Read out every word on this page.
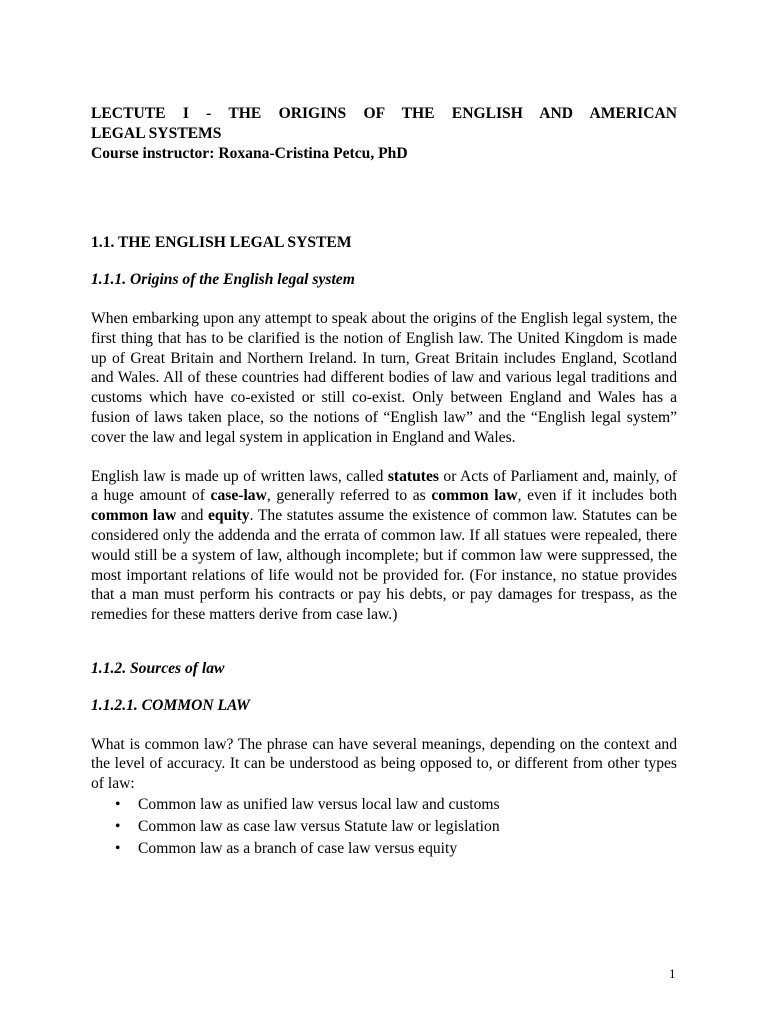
LECTUTE I - THE ORIGINS OF THE ENGLISH AND AMERICAN
LEGAL SYSTEMS
Course instructor: Roxana-Cristina Petcu, PhD
1.1. THE ENGLISH LEGAL SYSTEM
1.1.1. Origins of the English legal system
When embarking upon any attempt to speak about the origins of the English legal system, the first thing that has to be clarified is the notion of English law. The United Kingdom is made up of Great Britain and Northern Ireland. In turn, Great Britain includes England, Scotland and Wales. All of these countries had different bodies of law and various legal traditions and customs which have co-existed or still co-exist. Only between England and Wales has a fusion of laws taken place, so the notions of “English law” and the “English legal system” cover the law and legal system in application in England and Wales.
English law is made up of written laws, called statutes or Acts of Parliament and, mainly, of a huge amount of case-law, generally referred to as common law, even if it includes both common law and equity. The statutes assume the existence of common law. Statutes can be considered only the addenda and the errata of common law. If all statues were repealed, there would still be a system of law, although incomplete; but if common law were suppressed, the most important relations of life would not be provided for. (For instance, no statue provides that a man must perform his contracts or pay his debts, or pay damages for trespass, as the remedies for these matters derive from case law.)
1.1.2. Sources of law
1.1.2.1. COMMON LAW
What is common law? The phrase can have several meanings, depending on the context and the level of accuracy. It can be understood as being opposed to, or different from other types of law:
• Common law as unified law versus local law and customs
• Common law as case law versus Statute law or legislation
• Common law as a branch of case law versus equity
1
